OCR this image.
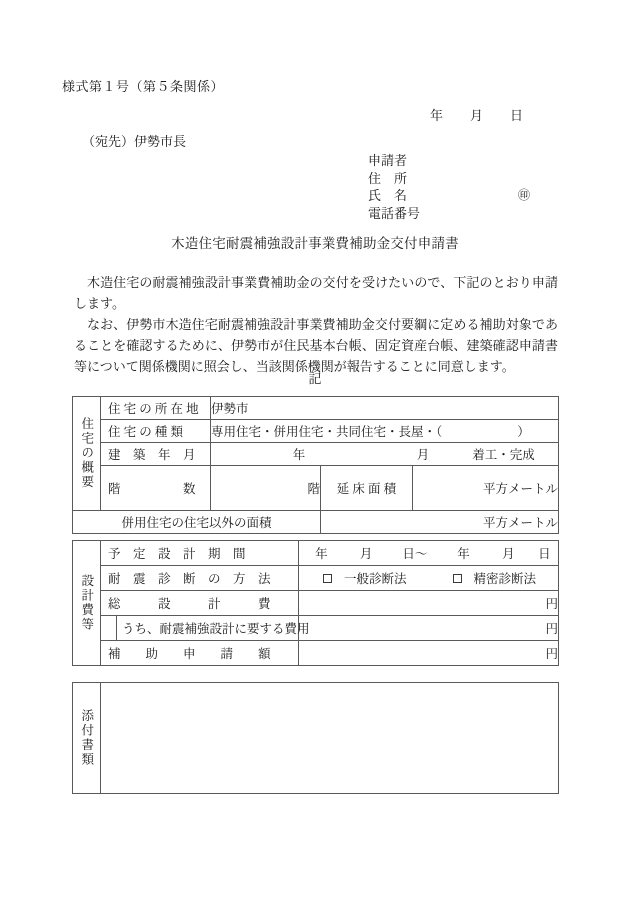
様式第１号（第５条関係）
年 月 日
（宛先）伊勢市長
申請者
住　所
氏　名	㊞
電話番号
木造住宅耐震補強設計事業費補助金交付申請書

木造住宅の耐震補強設計事業費補助金の交付を受けたいので、下記のとおり申請します。

なお、伊勢市木造住宅耐震補強設計事業費補助金交付要綱に定める補助対象であることを確認するために、伊勢市が住民基本台帳、固定資産台帳、建築確認申請書等について関係機関に照会し、当該関係機関が報告することに同意します。

記
住宅の概要	住 宅 の 所 在 地	伊勢市		

住 宅 の 種 類	専用住宅・併用住宅・共同住宅・長屋・（　　　　　　）		

建　築　年　月	年 月 着工・完成		

階　　　　　数	階	延 床 面 積	平方メートル
併用住宅の住宅以外の面積			平方メートル	
設計費等

予　定　設　計　期　間	年	月	日～	年	月	日

耐　震　診　断　の　方　法	一般診断法 精密診断法

総　　　設　　　計　　　費	円

うち、耐震補強設計に要する費用	円

補　　助　　申　　請　　額	円
添付書類
